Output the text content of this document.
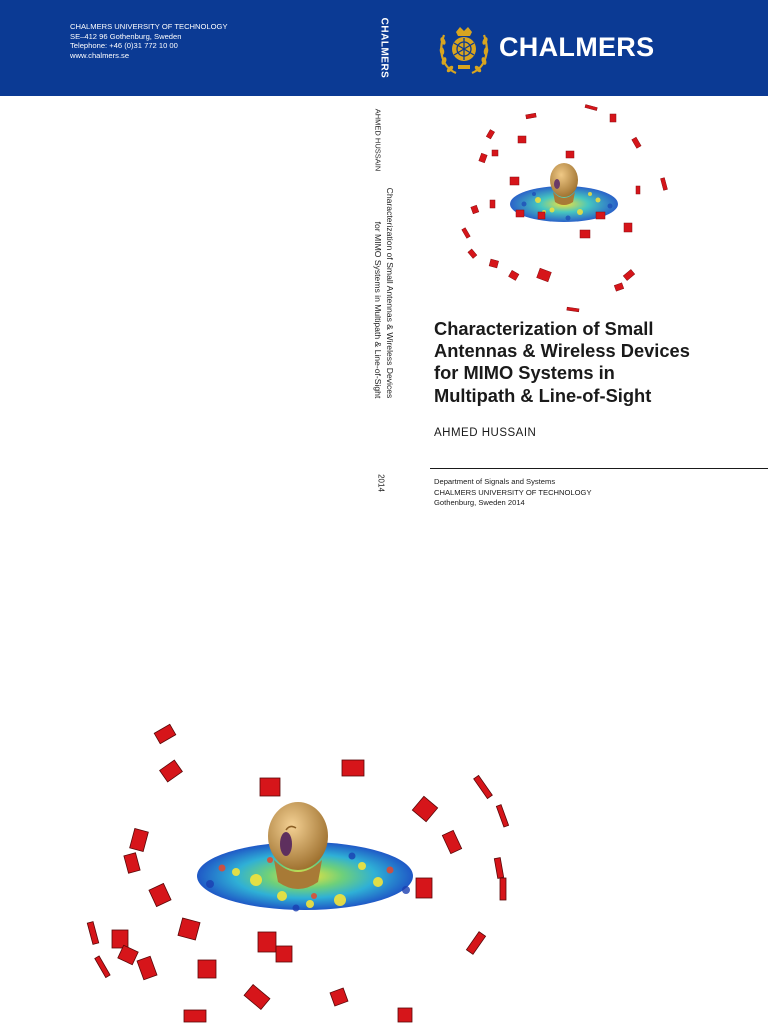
CHALMERS UNIVERSITY OF TECHNOLOGY
SE–412 96 Gothenburg, Sweden
Telephone: +46 (0)31 772 10 00
www.chalmers.se	CHALMERS	CHALMERS
AHMED HUSSAIN
Characterization of Small Antennas & Wireless Devices
for MIMO Systems in Multipath & Line-of-Sight
2014
Characterization of Small
Antennas & Wireless Devices
for MIMO Systems in
Multipath & Line-of-Sight
AHMED HUSSAIN
Department of Signals and Systems
CHALMERS UNIVERSITY OF TECHNOLOGY
Gothenburg, Sweden 2014
